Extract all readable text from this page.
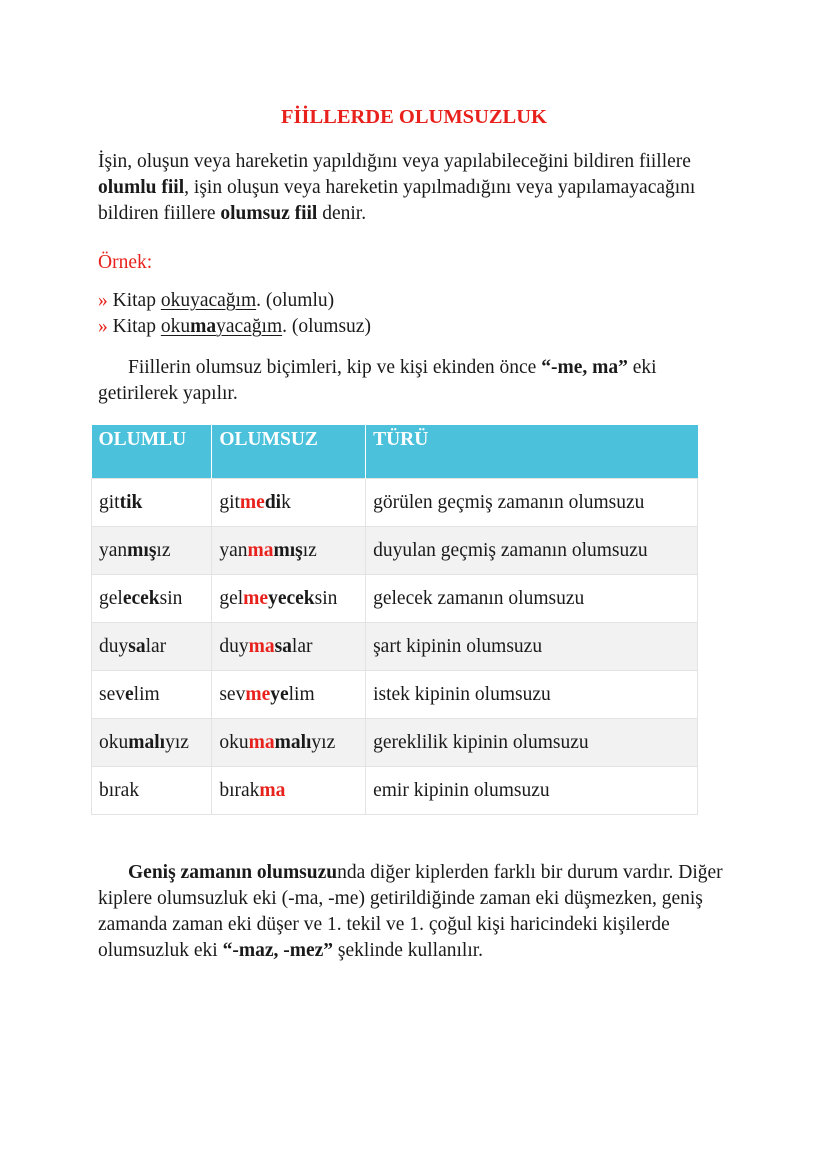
FİİLLERDE OLUMSUZLUK

İşin, oluşun veya hareketin yapıldığını veya yapılabileceğini bildiren fiillere olumlu fiil, işin oluşun veya hareketin yapılmadığını veya yapılamayacağını bildiren fiillere olumsuz fiil denir.

Örnek:
» Kitap okuyacağım. (olumlu)
» Kitap okumayacağım. (olumsuz)

Fiillerin olumsuz biçimleri, kip ve kişi ekinden önce “-me, ma” eki getirilerek yapılır.

OLUMLU	OLUMSUZ	TÜRÜ
gittik	gitmedik	görülen geçmiş zamanın olumsuzu
yanmışız	yanmamışız	duyulan geçmiş zamanın olumsuzu
geleceksin	gelmeyeceksin	gelecek zamanın olumsuzu
duysalar	duymasalar	şart kipinin olumsuzu
sevelim	sevmeyelim	istek kipinin olumsuzu
okumalıyız	okumamalıyız	gereklilik kipinin olumsuzu
bırak	bırakma	emir kipinin olumsuzu

Geniş zamanın olumsuzunda diğer kiplerden farklı bir durum vardır. Diğer kiplere olumsuzluk eki (-ma, -me) getirildiğinde zaman eki düşmezken, geniş zamanda zaman eki düşer ve 1. tekil ve 1. çoğul kişi haricindeki kişilerde olumsuzluk eki “-maz, -mez” şeklinde kullanılır.
